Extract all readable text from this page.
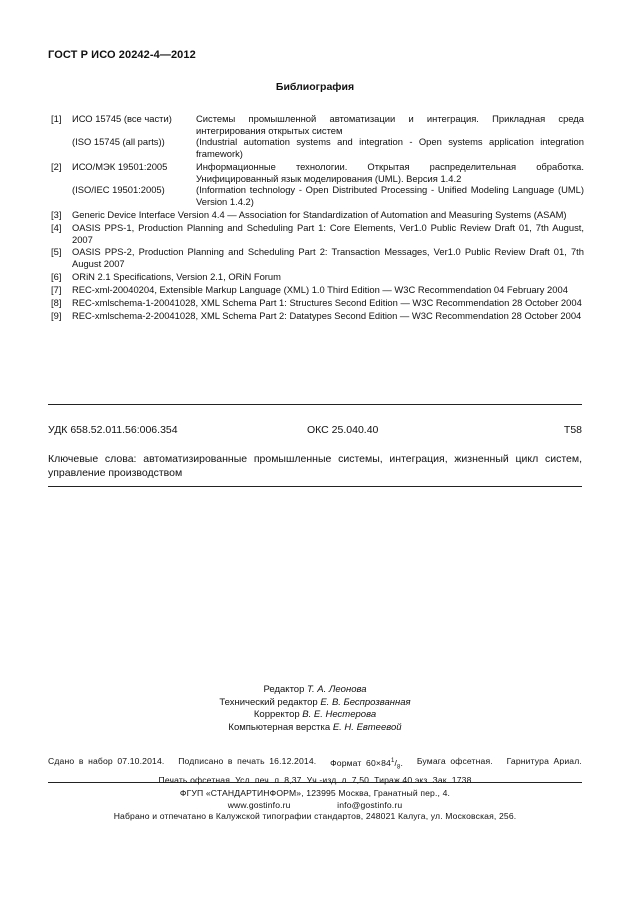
ГОСТ Р ИСО 20242-4—2012
Библиография
[1]	ИСО 15745 (все части)	Системы промышленной автоматизации и интеграция. Прикладная среда интегрирования открытых систем
(ISO 15745 (all parts))	(Industrial automation systems and integration - Open systems application integration framework)
[2]	ИСО/МЭК 19501:2005	Информационные технологии. Открытая распределительная обработка. Унифицированный язык моделирования (UML). Версия 1.4.2
(ISO/IEC 19501:2005)	(Information technology - Open Distributed Processing - Unified Modeling Language (UML) Version 1.4.2)
[3]	Generic Device Interface Version 4.4 — Association for Standardization of Automation and Measuring Systems (ASAM)
[4]	OASIS PPS-1, Production Planning and Scheduling Part 1: Core Elements, Ver1.0 Public Review Draft 01, 7th August, 2007
[5]	OASIS PPS-2, Production Planning and Scheduling Part 2: Transaction Messages, Ver1.0 Public Review Draft 01, 7th August 2007
[6]	ORiN 2.1 Specifications, Version 2.1, ORiN Forum
[7]	REC-xml-20040204, Extensible Markup Language (XML) 1.0 Third Edition — W3C Recommendation 04 February 2004
[8]	REC-xmlschema-1-20041028, XML Schema Part 1: Structures Second Edition — W3C Recommendation 28 October 2004
[9]	REC-xmlschema-2-20041028, XML Schema Part 2: Datatypes Second Edition — W3C Recommendation 28 October 2004
УДК 658.52.011.56:006.354	ОКС 25.040.40	Т58
Ключевые слова: автоматизированные промышленные системы, интеграция, жизненный цикл систем, управление производством
Редактор Т. А. Леонова
Технический редактор Е. В. Беспрозванная
Корректор В. Е. Нестерова
Компьютерная верстка Е. Н. Евтеевой
Сдано в набор 07.10.2014. Подписано в печать 16.12.2014. Формат $60\times 84^1/_8$. Бумага офсетная. Гарнитура Ариал.
Печать офсетная. Усл. печ. л. 8,37. Уч.-изд. л. 7,50. Тираж 40 экз. Зак. 1738
ФГУП «СТАНДАРТИНФОРМ», 123995 Москва, Гранатный пер., 4.
www.gostinfo.ru	info@gostinfo.ru
Набрано и отпечатано в Калужской типографии стандартов, 248021 Калуга, ул. Московская, 256.
